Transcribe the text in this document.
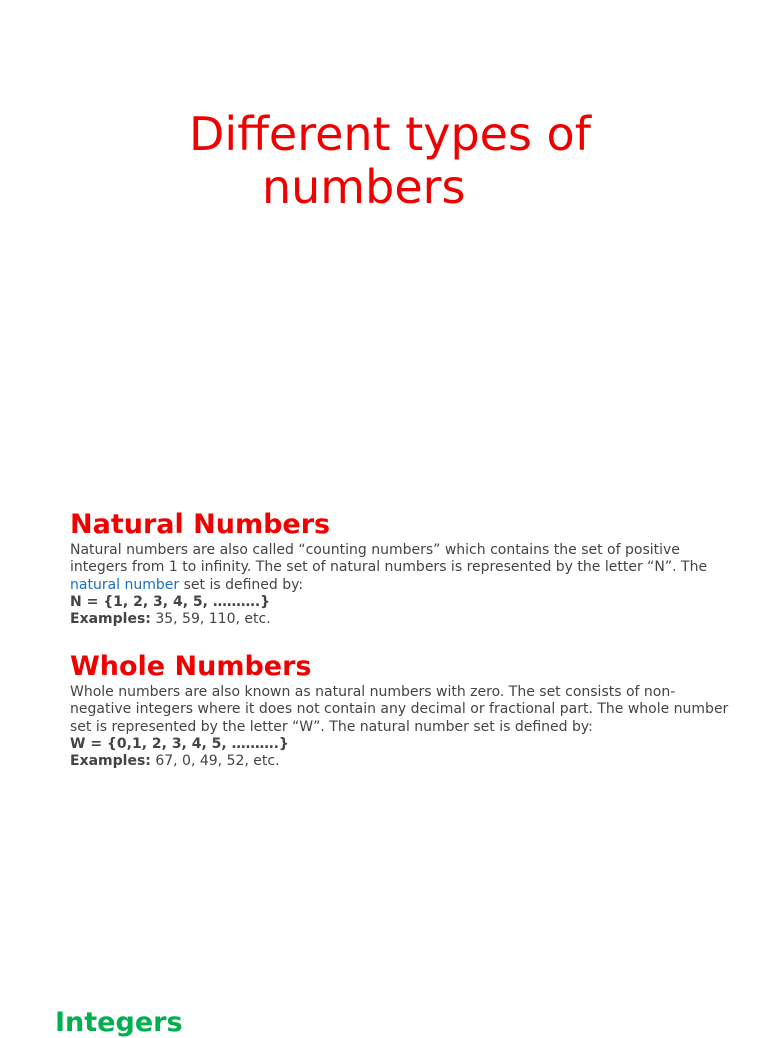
Different types of
numbers
Natural Numbers

Natural numbers are also called “counting numbers” which contains the set of positive integers from 1 to infinity. The set of natural numbers is represented by the letter “N”. The natural number set is defined by:
N = {1, 2, 3, 4, 5, ……….}
Examples: 35, 59, 110, etc.

Whole Numbers

Whole numbers are also known as natural numbers with zero. The set consists of non-negative integers where it does not contain any decimal or fractional part. The whole number set is represented by the letter “W”. The natural number set is defined by:
W = {0,1, 2, 3, 4, 5, ……….}
Examples: 67, 0, 49, 52, etc.

Integers
